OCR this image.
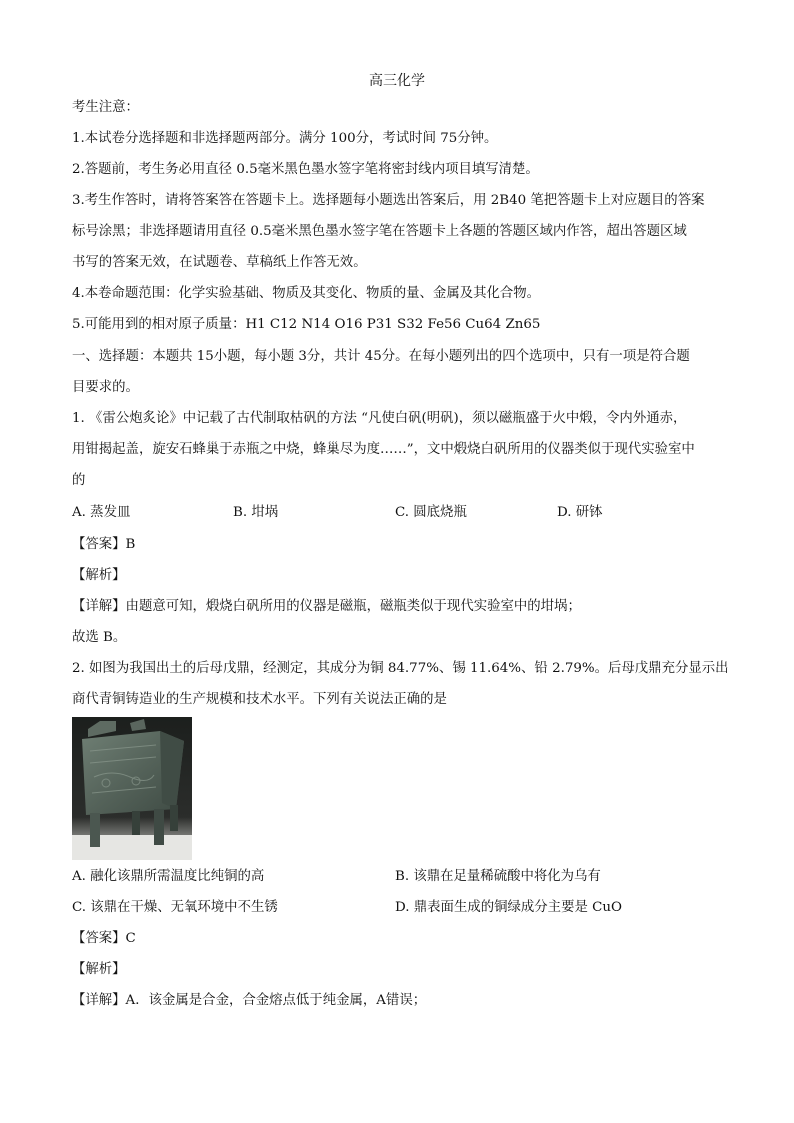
高三化学
考生注意：
1.本试卷分选择题和非选择题两部分。满分 100分，考试时间 75分钟。
2.答题前，考生务必用直径 0.5毫米黑色墨水签字笔将密封线内项目填写清楚。
3.考生作答时，请将答案答在答题卡上。选择题每小题选出答案后，用 2B40 笔把答题卡上对应题目的答案
标号涂黑；非选择题请用直径 0.5毫米黑色墨水签字笔在答题卡上各题的答题区域内作答，超出答题区域
书写的答案无效，在试题卷、草稿纸上作答无效。
4.本卷命题范围：化学实验基础、物质及其变化、物质的量、金属及其化合物。
5.可能用到的相对原子质量：H1 C12 N14 O16 P31 S32 Fe56 Cu64 Zn65
一、选择题：本题共 15小题，每小题 3分，共计 45分。在每小题列出的四个选项中，只有一项是符合题
目要求的。
1. 《雷公炮炙论》中记载了古代制取枯矾的方法 “凡使白矾(明矾)，须以磁瓶盛于火中煅，令内外通赤，
用钳揭起盖，旋安石蜂巢于赤瓶之中烧，蜂巢尽为度……”，文中煅烧白矾所用的仪器类似于现代实验室中
的
A. 蒸发皿	B. 坩埚	C. 圆底烧瓶	D. 研钵
【答案】B
【解析】
【详解】由题意可知，煅烧白矾所用的仪器是磁瓶，磁瓶类似于现代实验室中的坩埚；
故选 B。
2. 如图为我国出土的后母戊鼎，经测定，其成分为铜 84.77%、锡 11.64%、铅 2.79%。后母戊鼎充分显示出
商代青铜铸造业的生产规模和技术水平。下列有关说法正确的是
A. 融化该鼎所需温度比纯铜的高	B. 该鼎在足量稀硫酸中将化为乌有
C. 该鼎在干燥、无氧环境中不生锈	D. 鼎表面生成的铜绿成分主要是 CuO
【答案】C
【解析】
【详解】A．该金属是合金，合金熔点低于纯金属，A错误；
